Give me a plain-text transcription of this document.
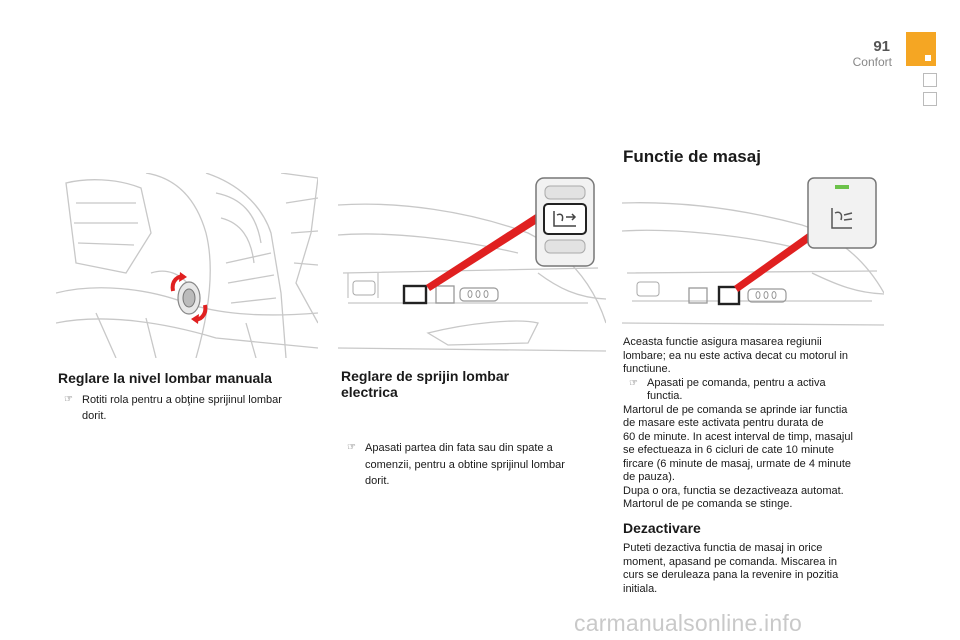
91
Confort
Reglare la nivel lombar manuala
☞ Rotiti rola pentru a obţine sprijinul lombar
dorit.
Reglare de sprijin lombar
electrica
☞ Apasati partea din fata sau din spate a
comenzii, pentru a obtine sprijinul lombar
dorit.
Functie de masaj
Aceasta functie asigura masarea regiunii
lombare; ea nu este activa decat cu motorul in
functiune.
☞ Apasati pe comanda, pentru a activa
functia.
Martorul de pe comanda se aprinde iar functia
de masare este activata pentru durata de
60 de minute. In acest interval de timp, masajul
se efectueaza in 6 cicluri de cate 10 minute
fircare (6 minute de masaj, urmate de 4 minute
de pauza).
Dupa o ora, functia se dezactiveaza automat.
Martorul de pe comanda se stinge.
Dezactivare
Puteti dezactiva functia de masaj in orice
moment, apasand pe comanda. Miscarea in
curs se deruleaza pana la revenire in pozitia
initiala.
carmanualsonline.info
